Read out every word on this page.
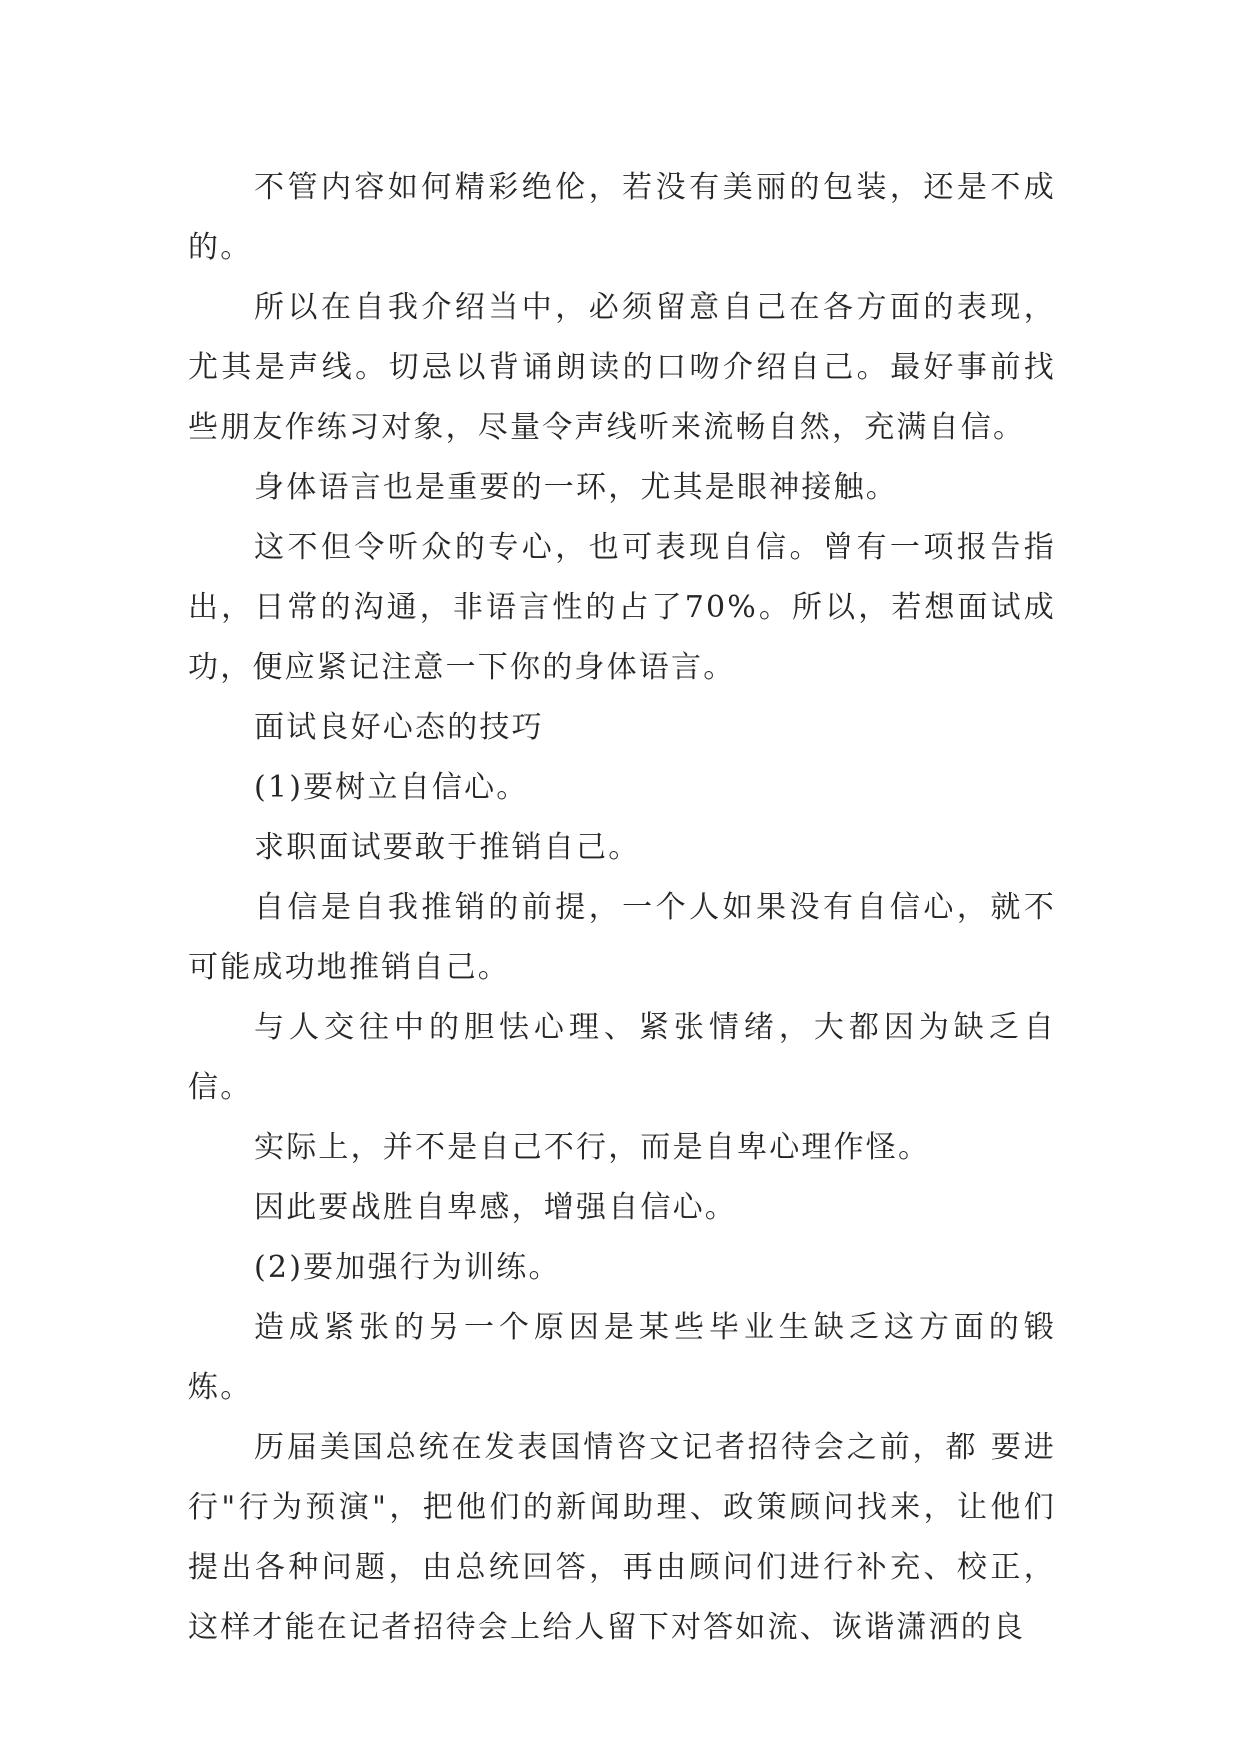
不管内容如何精彩绝伦，若没有美丽的包装，还是不成的。

所以在自我介绍当中，必须留意自己在各方面的表现，尤其是声线。切忌以背诵朗读的口吻介绍自己。最好事前找些朋友作练习对象，尽量令声线听来流畅自然，充满自信。

身体语言也是重要的一环，尤其是眼神接触。

这不但令听众的专心，也可表现自信。曾有一项报告指出，日常的沟通，非语言性的占了70%。所以，若想面试成功，便应紧记注意一下你的身体语言。

面试良好心态的技巧

(1)要树立自信心。

求职面试要敢于推销自己。

自信是自我推销的前提，一个人如果没有自信心，就不可能成功地推销自己。

与人交往中的胆怯心理、紧张情绪，大都因为缺乏自信。

实际上，并不是自己不行，而是自卑心理作怪。

因此要战胜自卑感，增强自信心。

(2)要加强行为训练。

造成紧张的另一个原因是某些毕业生缺乏这方面的锻炼。

历届美国总统在发表国情咨文记者招待会之前，都 要进行"行为预演"，把他们的新闻助理、政策顾问找来，让他们提出各种问题，由总统回答，再由顾问们进行补充、校正，这样才能在记者招待会上给人留下对答如流、诙谐潇洒的良
